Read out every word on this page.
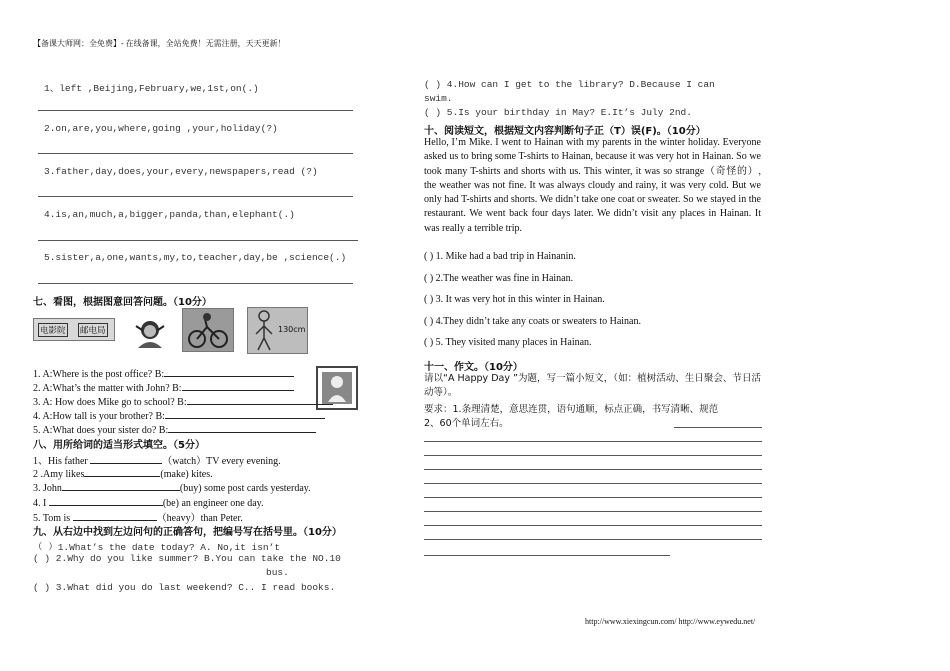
【备课大师网：全免费】- 在线备课，全站免费！无需注册，天天更新！
1、left ,Beijing,February,we,1st,on(.)
2.on,are,you,where,going ,your,holiday(?)
3.father,day,does,your,every,newspapers,read (?)
4.is,an,much,a,bigger,panda,than,elephant(.)
5.sister,a,one,wants,my,to,teacher,day,be ,science(.)
七、看图，根据图意回答问题。（10分）
电影院 邮电局	130cm
1. A:Where is the post office? B:
2. A:What’s the matter with John? B:
3. A: How does Mike go to school? B:
4. A:How tall is your brother? B:
5. A:What does your sister do? B:
八、用所给词的适当形式填空。（5分）
1、His father	（watch）TV every evening.
2 .Amy likes	(make) kites.
3. John	(buy) some post cards yesterday.
4. I	(be) an engineer one day.
5. Tom is	（heavy）than Peter.
九、从右边中找到左边问句的正确答句，把编号写在括号里。（10分）
（ ）1.What’s the date today? A. No,it isn’t
( ) 2.Why do you like summer? B.You can take the NO.10
bus.
( ) 3.What did you do last weekend? C.. I read books.
( ) 4.How can I get to the library? D.Because I can
swim.
( ) 5.Is your birthday in May? E.It’s July 2nd.
十、阅读短文，根据短文内容判断句子正（T）误(F)。（10分）
Hello, I’m Mike. I went to Hainan with my parents in the winter holiday. Everyone asked us to bring some T-shirts to Hainan, because it was very hot in Hainan. So we took many T-shirts and shorts with us. This winter, it was so strange（奇怪的）, the weather was not fine. It was always cloudy and rainy, it was very cold. But we only had T-shirts and shorts. We didn’t take one coat or sweater. So we stayed in the restaurant. We went back four days later. We didn’t visit any places in Hainan. It was really a terrible trip.
( ) 1. Mike had a bad trip in Hainanin.
( ) 2.The weather was fine in Hainan.
( ) 3. It was very hot in this winter in Hainan.
( ) 4.They didn’t take any coats or sweaters to Hainan.
( ) 5. They visited many places in Hainan.
十一、作文。（10分）
请以“A Happy Day ”为题，写一篇小短文，（如：植树活动、生日聚会、节日活动等）。
要求：1.条理清楚，意思连贯，语句通顺，标点正确，书写清晰、规范
2、60个单词左右。
http://www.xiexingcun.com/ http://www.eywedu.net/
